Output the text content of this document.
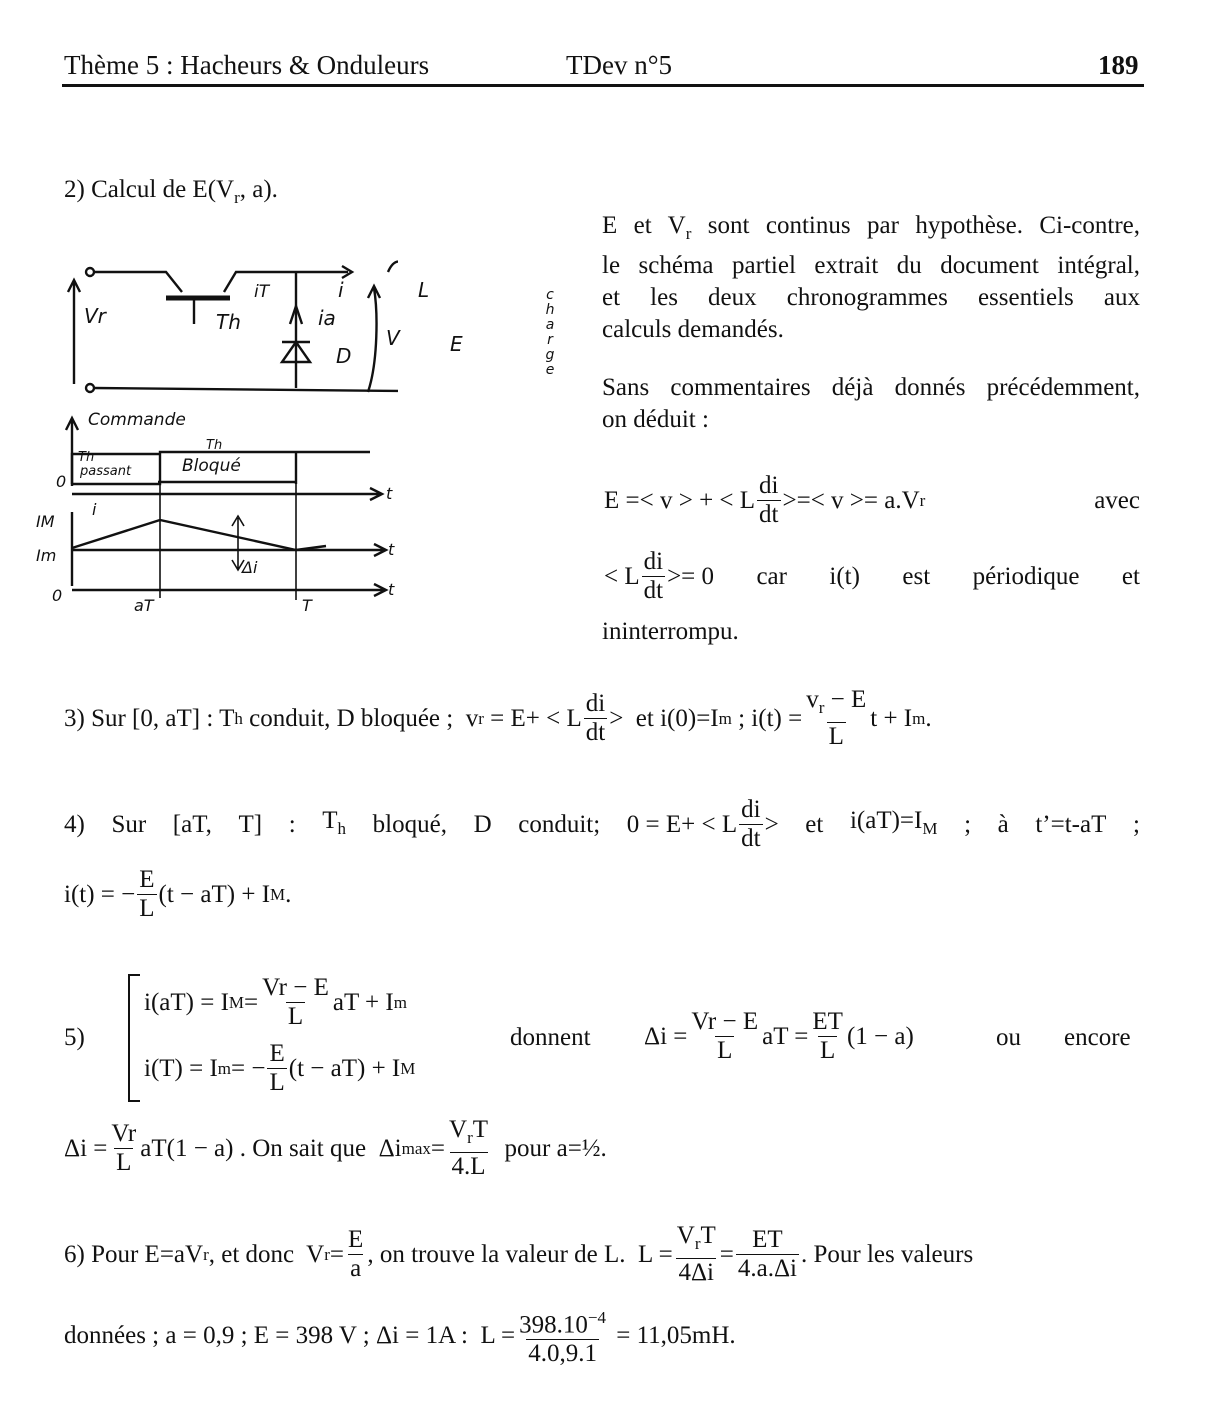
Thème 5 : Hacheurs & Onduleurs	TDev n°5	189
2) Calcul de $E(V_r$, a).
Vr	Th
iT	i
ia
D
V
L
E
c
h
a
r
g
e
Commande
Th
passant
Th
Bloqué
0
t
i
IM
Im
Δi
t
0
aT	T
t
E et $V_r$ sont continus par hypothèse. Ci-contre,
le schéma partiel extrait du document intégral,
et les deux chronogrammes essentiels aux
calculs demandés.
Sans commentaires déjà donnés précédemment,
on déduit :
E =< v > + < L $\frac{di}{dt}$ >=< v >= a.V r	avec
< L $\frac{di}{dt} >= 0$ car i(t) est périodique et
ininterrompu.
3) Sur [0, aT] : T h conduit, D bloquée ;  v r = E+ < L $\frac{di}{dt}$ >  et i(0)=I m ; $i(t) = \frac{v_r - E}{L}$ t + I m .
4) Sur [aT, T] : $T_h$ bloqué, D conduit; 0 = E+ < L $\frac{di}{dt}$ > et $i(aT)=I_M$ ; à t’=t-aT ;
i(t) = − $\frac{E}{L} (t - aT) + I$ M .
5)
i(aT) = I $M = \frac{Vr - E}{L}$ aT + I m
i(T) = I m = − $\frac{E}{L} (t - aT) + I$ M
donnent $\Delta i = \frac{Vr - E}{L}$ aT = $\frac{ET}{L} (1 - a)$	ou encore
$\Delta i = \frac{Vr}{L} aT(1 - a)$ . On sait que  Δi $\max = \frac{V_rT}{4.L}$ pour a=½.
6) Pour E=aV r , et donc  V $r = \frac{E}{a}$ , on trouve la valeur de L.  $L = \frac{V_rT}{4\Delta i} = \frac{ET}{4.a.\Delta i}$ . Pour les valeurs
données ; a = 0,9 ; E = 398 V ; Δi = 1A :  $L = \frac{398.10^{-4}}{4.0,9.1} = 11,05mH$.
